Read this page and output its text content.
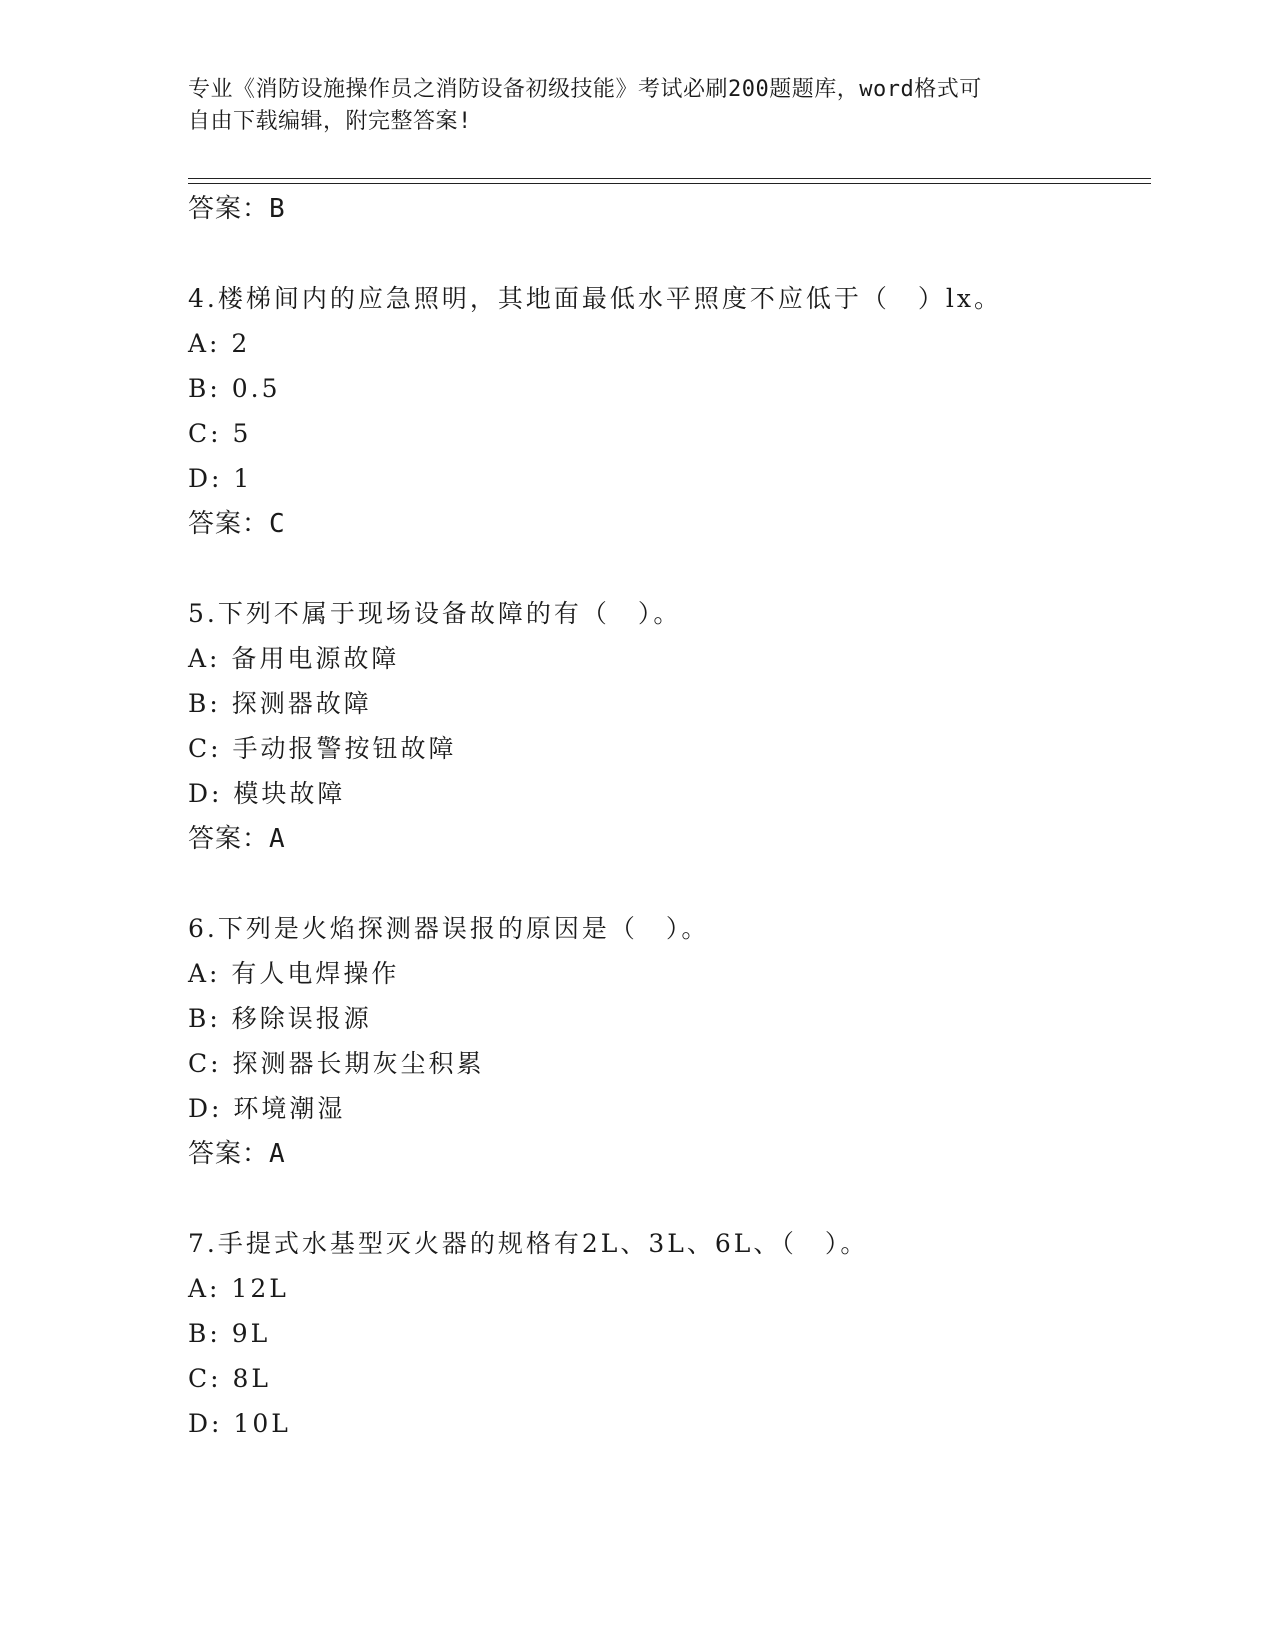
专业《消防设施操作员之消防设备初级技能》考试必刷200题题库，word格式可
自由下载编辑，附完整答案!
答案：B
4.楼梯间内的应急照明，其地面最低水平照度不应低于（　）lx。
A: 2
B: 0.5
C: 5
D: 1
答案：C
5.下列不属于现场设备故障的有（　）。
A: 备用电源故障
B: 探测器故障
C: 手动报警按钮故障
D: 模块故障
答案：A
6.下列是火焰探测器误报的原因是（　）。
A: 有人电焊操作
B: 移除误报源
C: 探测器长期灰尘积累
D: 环境潮湿
答案：A
7.手提式水基型灭火器的规格有2L、3L、6L、（　）。
A: 12L
B: 9L
C: 8L
D: 10L
